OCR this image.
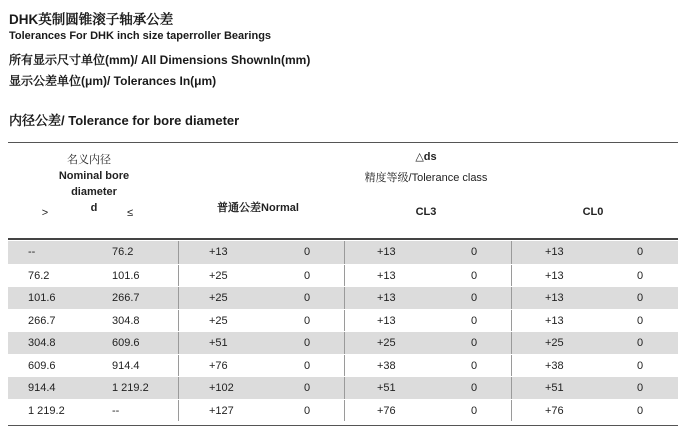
DHK英制圆锥滚子轴承公差
Tolerances For DHK inch size taperroller Bearings
所有显示尺寸单位(mm)/ All Dimensions ShownIn(mm)
显示公差单位(μm)/ Tolerances In(μm)
内径公差/ Tolerance for bore diameter
名义内径
Nominal bore
diameter
d
>	≤
△ds
精度等级/Tolerance class
普通公差Normal	CL3	CL0
--	76.2	+13	0	+13	0	+13	0
76.2	101.6	+25	0	+13	0	+13	0
101.6	266.7	+25	0	+13	0	+13	0
266.7	304.8	+25	0	+13	0	+13	0
304.8	609.6	+51	0	+25	0	+25	0
609.6	914.4	+76	0	+38	0	+38	0
914.4	1 219.2	+102	0	+51	0	+51	0
1 219.2	--	+127	0	+76	0	+76	0
